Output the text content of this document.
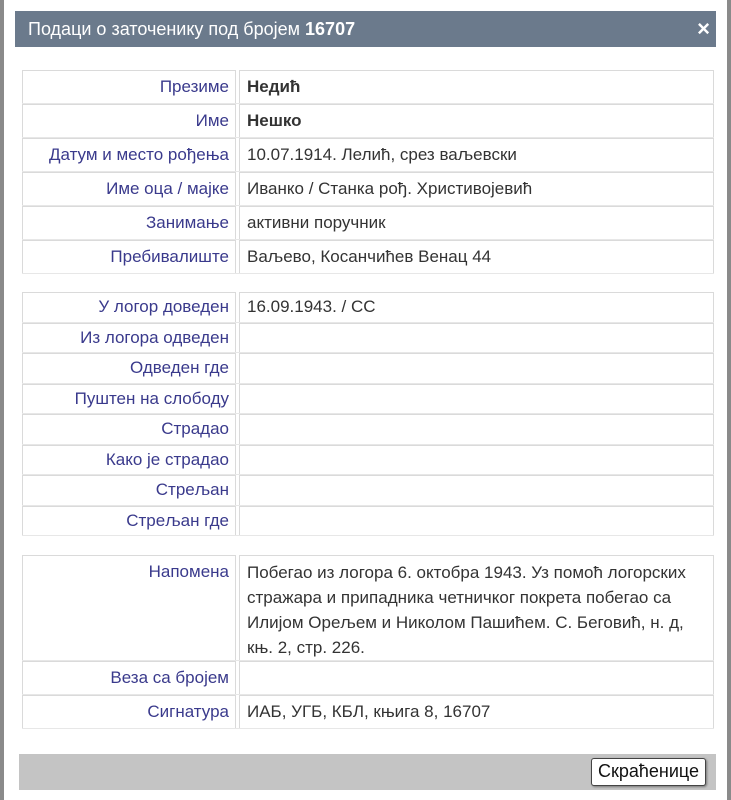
Подаци о заточенику под бројем 16707	×
Презиме	Недић
Име	Нешко
Датум и место рођења	10.07.1914. Лелић, срез ваљевски
Име оца / мајке	Иванко / Станка рођ. Христивојевић
Занимање	активни поручник
Пребивалиште	Ваљево, Косанчићев Венац 44
У логор доведен	16.09.1943. / СС
Из логора одведен
Одведен где
Пуштен на слободу
Страдао
Како је страдао
Стрељан
Стрељан где
Напомена	Побегао из логора 6. октобра 1943. Уз помоћ логорских стражара и припадника четничког покрета побегао са Илијом Орељем и Николом Пашићем. С. Беговић, н. д, књ. 2, стр. 226.
Веза са бројем
Сигнатура	ИАБ, УГБ, КБЛ, књига 8, 16707
Скраћенице
